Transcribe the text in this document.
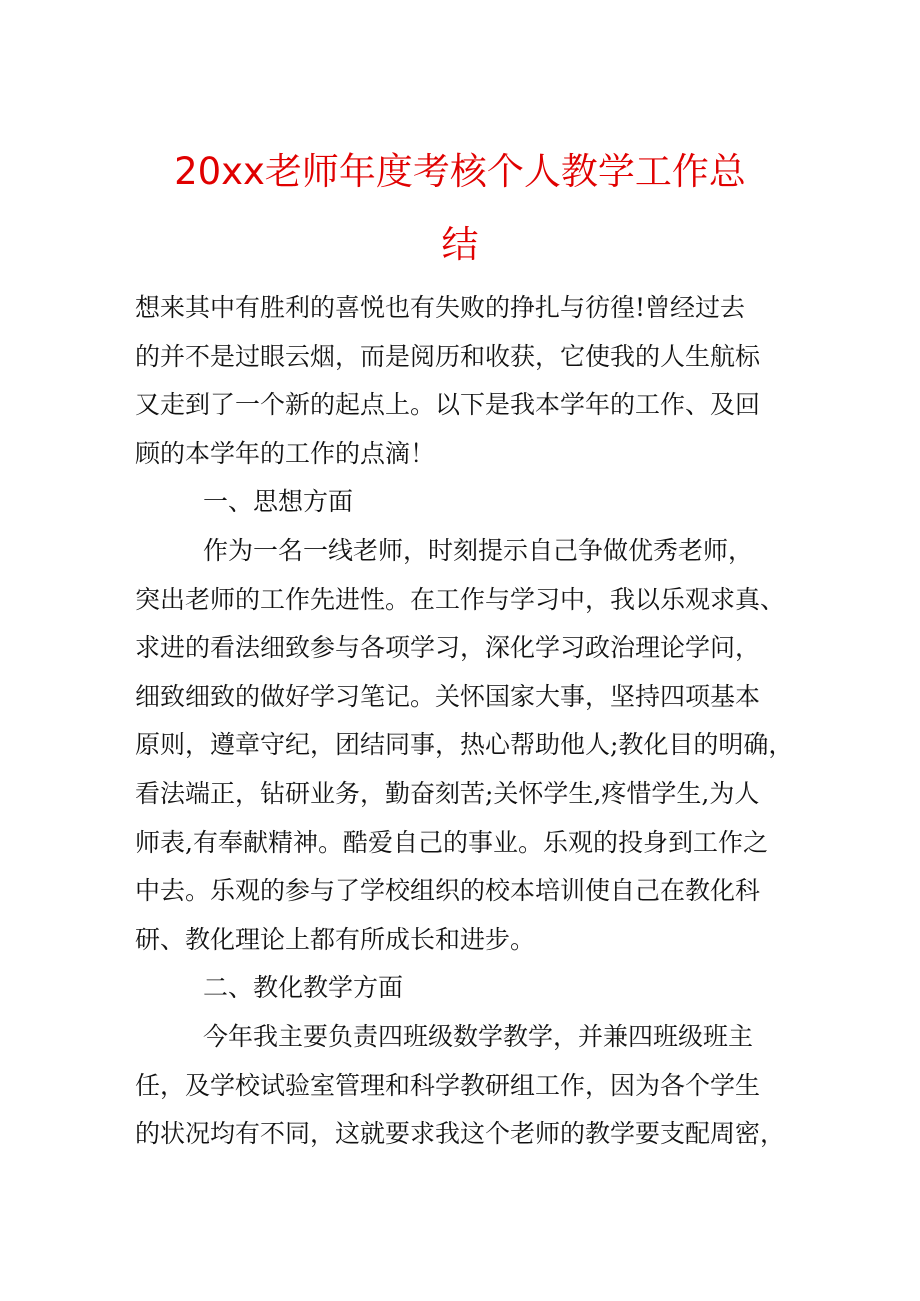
20xx老师年度考核个人教学工作总
结
想来其中有胜利的喜悦也有失败的挣扎与彷徨!曾经过去
的并不是过眼云烟，而是阅历和收获，它使我的人生航标
又走到了一个新的起点上。以下是我本学年的工作、及回
顾的本学年的工作的点滴！
一、思想方面
作为一名一线老师，时刻提示自己争做优秀老师，
突出老师的工作先进性。在工作与学习中，我以乐观求真、
求进的看法细致参与各项学习，深化学习政治理论学问，
细致细致的做好学习笔记。关怀国家大事，坚持四项基本
原则，遵章守纪，团结同事，热心帮助他人;教化目的明确，
看法端正，钻研业务，勤奋刻苦;关怀学生,疼惜学生,为人
师表,有奉献精神。酷爱自己的事业。乐观的投身到工作之
中去。乐观的参与了学校组织的校本培训使自己在教化科
研、教化理论上都有所成长和进步。
二、教化教学方面
今年我主要负责四班级数学教学，并兼四班级班主
任，及学校试验室管理和科学教研组工作，因为各个学生
的状况均有不同，这就要求我这个老师的教学要支配周密，
